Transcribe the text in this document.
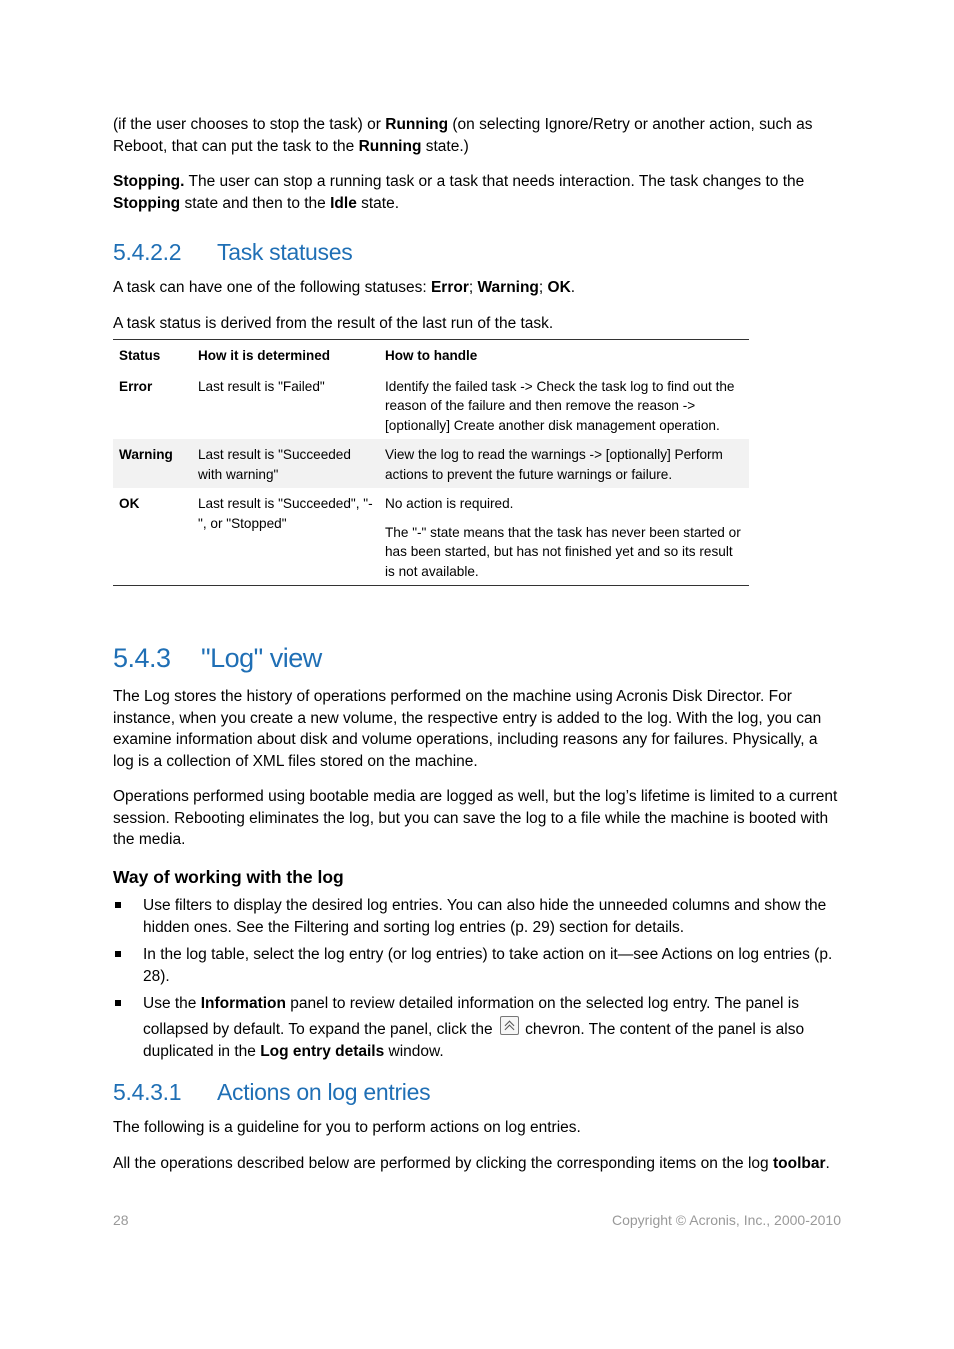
(if the user chooses to stop the task) or Running (on selecting Ignore/Retry or another action, such as Reboot, that can put the task to the Running state.)

Stopping. The user can stop a running task or a task that needs interaction. The task changes to the Stopping state and then to the Idle state.

5.4.2.2 Task statuses

A task can have one of the following statuses: Error; Warning; OK.

A task status is derived from the result of the last run of the task.

Status	How it is determined	How to handle
Error	Last result is "Failed"	Identify the failed task -> Check the task log to find out the reason of the failure and then remove the reason -> [optionally] Create another disk management operation.
Warning	Last result is "Succeeded with warning"	View the log to read the warnings -> [optionally] Perform actions to prevent the future warnings or failure.
OK	Last result is "Succeeded", "-", or "Stopped"	No action is required.
The "-" state means that the task has never been started or has been started, but has not finished yet and so its result is not available.
5.4.3 "Log" view

The Log stores the history of operations performed on the machine using Acronis Disk Director. For instance, when you create a new volume, the respective entry is added to the log. With the log, you can examine information about disk and volume operations, including reasons any for failures. Physically, a log is a collection of XML files stored on the machine.

Operations performed using bootable media are logged as well, but the log’s lifetime is limited to a current session. Rebooting eliminates the log, but you can save the log to a file while the machine is booted with the media.

Way of working with the log
Use filters to display the desired log entries. You can also hide the unneeded columns and show the hidden ones. See the Filtering and sorting log entries (p. 29) section for details.
In the log table, select the log entry (or log entries) to take action on it—see Actions on log entries (p. 28).
Use the Information panel to review detailed information on the selected log entry. The panel is collapsed by default. To expand the panel, click the  chevron. The content of the panel is also duplicated in the Log entry details window.
5.4.3.1 Actions on log entries

The following is a guideline for you to perform actions on log entries.

All the operations described below are performed by clicking the corresponding items on the log toolbar.

28	Copyright © Acronis, Inc., 2000-2010
